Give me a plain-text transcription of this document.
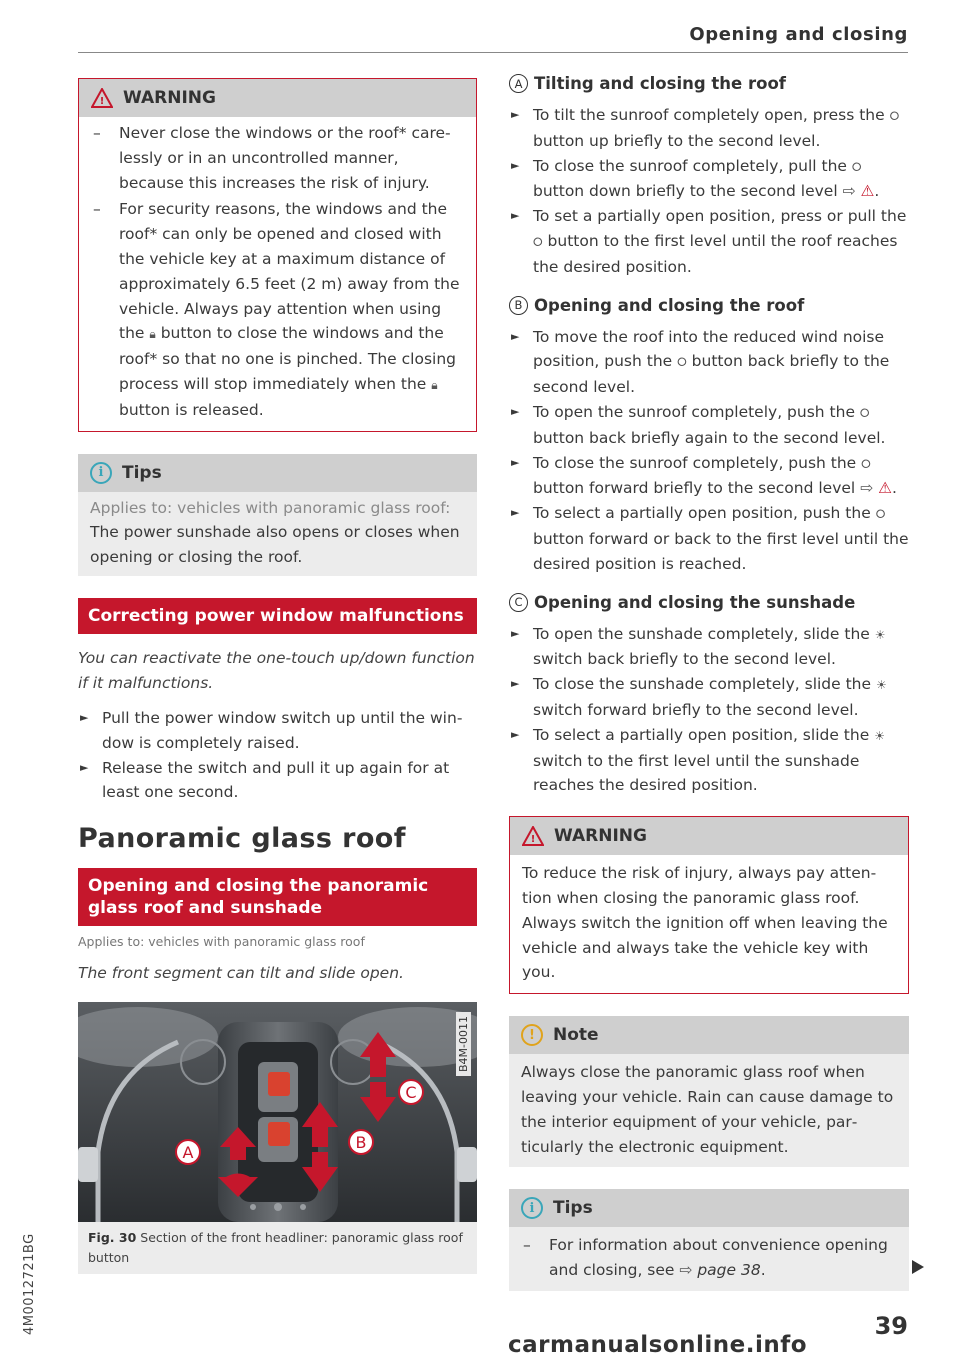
Opening and closing
4M0012721BG
! WARNING
– Never close the windows or the roof* carelessly or in an uncontrolled manner, because this increases the risk of injury.
– For security reasons, the windows and the roof* can only be opened and closed with the vehicle key at a maximum distance of approximately 6.5 feet (2 m) away from the vehicle. Always pay attention when using the 🔒︎ button to close the windows and the roof* so that no one is pinched. The closing process will stop immediately when the 🔒︎ button is released.
i	Tips
Applies to: vehicles with panoramic glass roof: The power sunshade also opens or closes when opening or closing the roof.
Correcting power window malfunctions
You can reactivate the one-touch up/down function if it malfunctions.
► Pull the power window switch up until the window is completely raised.
► Release the switch and pull it up again for at least one second.
Panoramic glass roof
Opening and closing the panoramic glass roof and sunshade
Applies to: vehicles with panoramic glass roof
The front segment can tilt and slide open.
C
B
A
B4M-0011
Fig. 30 Section of the front headliner: panoramic glass roof button
A Tilting and closing the roof
► To tilt the sunroof completely open, press the ⭘ button up briefly to the second level.
► To close the sunroof completely, pull the ⭘ button down briefly to the second level ⇨ ⚠︎.
► To set a partially open position, press or pull the ⭘ button to the first level until the roof reaches the desired position.
B Opening and closing the roof
► To move the roof into the reduced wind noise position, push the ⭘ button back briefly to the second level.
► To open the sunroof completely, push the ⭘ button back briefly again to the second level.
► To close the sunroof completely, push the ⭘ button forward briefly to the second level ⇨ ⚠︎.
► To select a partially open position, push the ⭘ button forward or back to the first level until the desired position is reached.
C Opening and closing the sunshade
► To open the sunshade completely, slide the ☀︎ switch back briefly to the second level.
► To close the sunshade completely, slide the ☀︎ switch forward briefly to the second level.
► To select a partially open position, slide the ☀︎ switch to the first level until the sunshade reaches the desired position.
! WARNING
To reduce the risk of injury, always pay attention when closing the panoramic glass roof. Always switch the ignition off when leaving the vehicle and always take the vehicle key with you.
!	Note
Always close the panoramic glass roof when leaving your vehicle. Rain can cause damage to the interior equipment of your vehicle, particularly the electronic equipment.
i	Tips
– For information about convenience opening and closing, see ⇨ page 38.
39
carmanualsonline.info
